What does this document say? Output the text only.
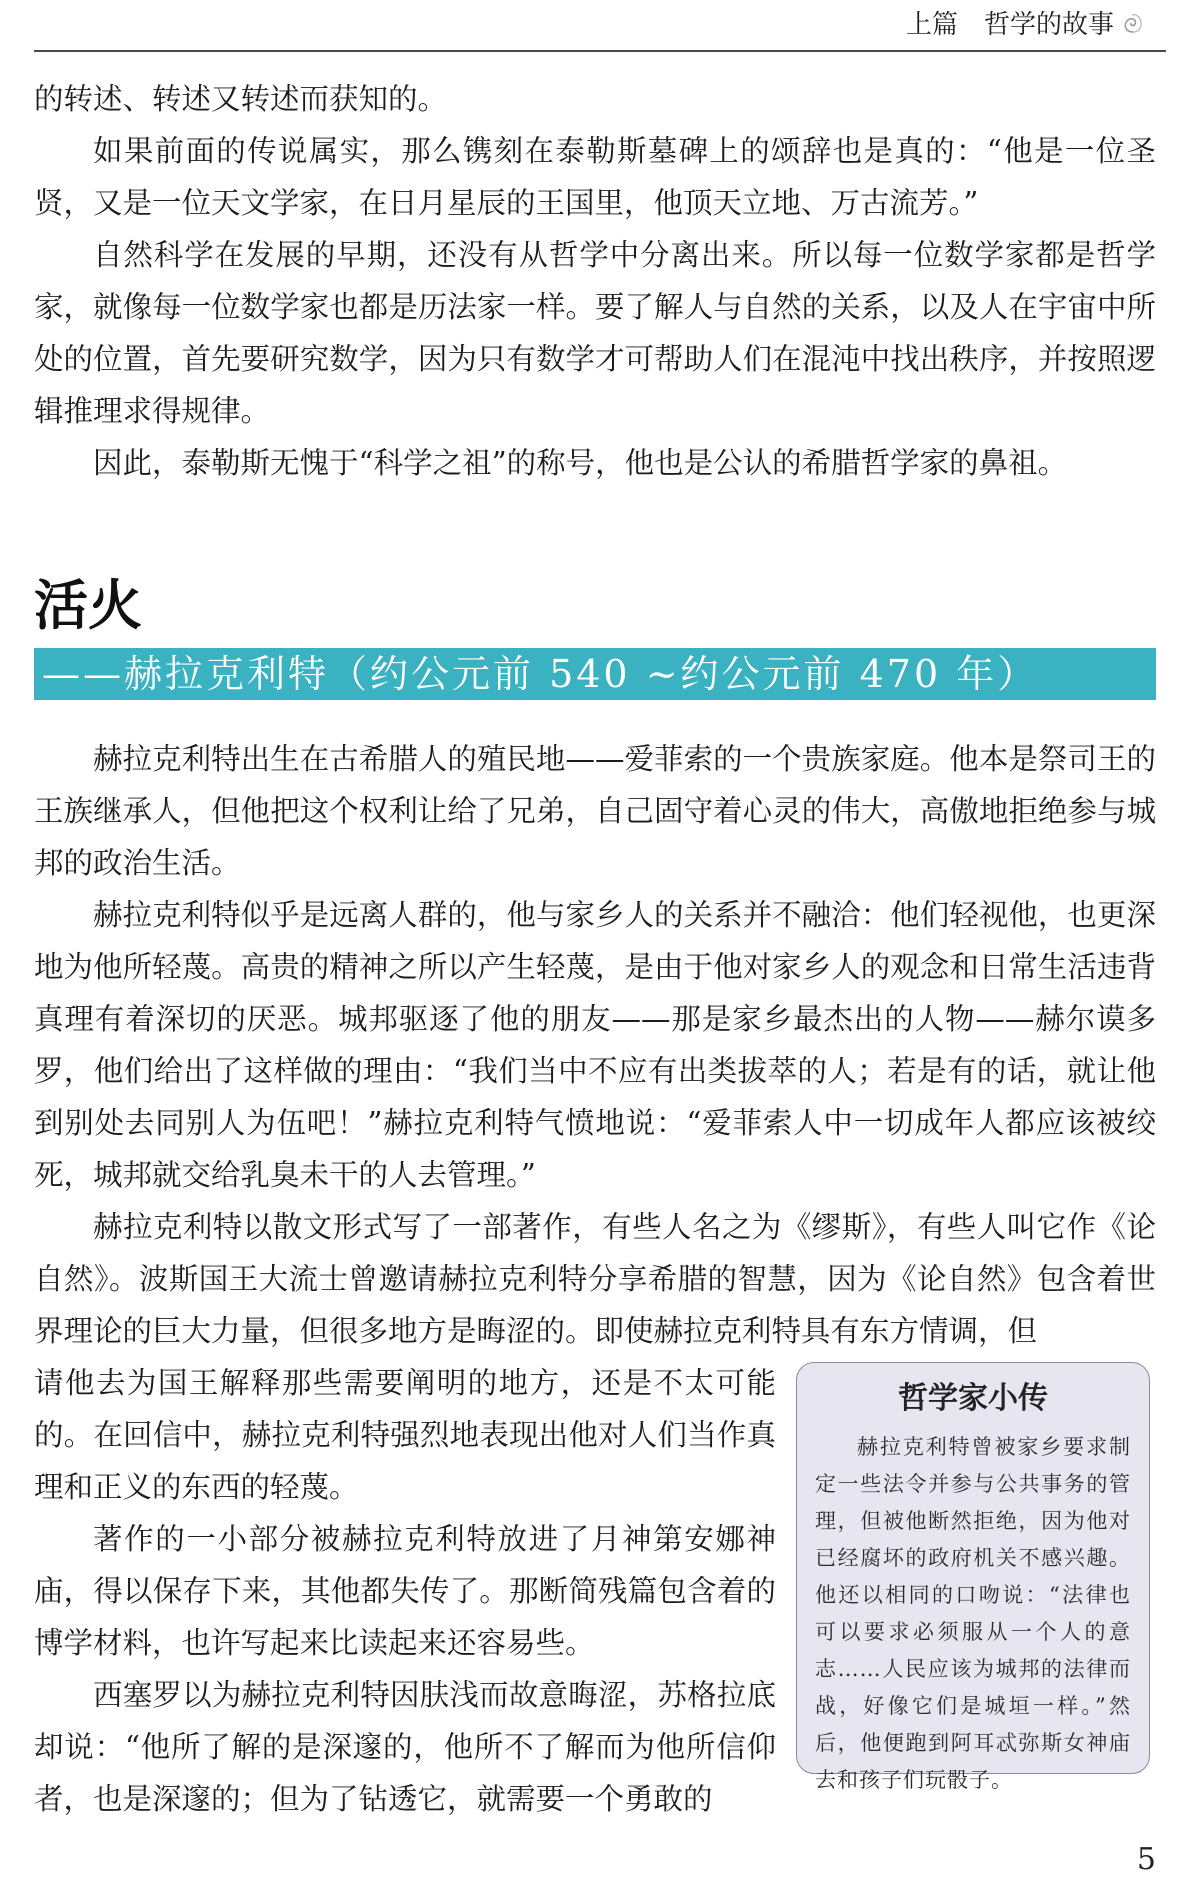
上篇 哲学的故事

的转述、转述又转述而获知的。

如果前面的传说属实，那么镌刻在泰勒斯墓碑上的颂辞也是真的：“他是一位圣贤，又是一位天文学家，在日月星辰的王国里，他顶天立地、万古流芳。”

自然科学在发展的早期，还没有从哲学中分离出来。所以每一位数学家都是哲学家，就像每一位数学家也都是历法家一样。要了解人与自然的关系，以及人在宇宙中所处的位置，首先要研究数学，因为只有数学才可帮助人们在混沌中找出秩序，并按照逻辑推理求得规律。

因此，泰勒斯无愧于“科学之祖”的称号，他也是公认的希腊哲学家的鼻祖。

活火
——赫拉克利特（约公元前 540 ~约公元前 470 年）

赫拉克利特出生在古希腊人的殖民地——爱菲索的一个贵族家庭。他本是祭司王的王族继承人，但他把这个权利让给了兄弟，自己固守着心灵的伟大，高傲地拒绝参与城邦的政治生活。

赫拉克利特似乎是远离人群的，他与家乡人的关系并不融洽：他们轻视他，也更深地为他所轻蔑。高贵的精神之所以产生轻蔑，是由于他对家乡人的观念和日常生活违背真理有着深切的厌恶。城邦驱逐了他的朋友——那是家乡最杰出的人物——赫尔谟多罗，他们给出了这样做的理由：“我们当中不应有出类拔萃的人；若是有的话，就让他到别处去同别人为伍吧！”赫拉克利特气愤地说：“爱菲索人中一切成年人都应该被绞死，城邦就交给乳臭未干的人去管理。”

赫拉克利特以散文形式写了一部著作，有些人名之为《缪斯》，有些人叫它作《论自然》。波斯国王大流士曾邀请赫拉克利特分享希腊的智慧，因为《论自然》包含着世界理论的巨大力量，但很多地方是晦涩的。即使赫拉克利特具有东方情调，但

请他去为国王解释那些需要阐明的地方，还是不太可能的。在回信中，赫拉克利特强烈地表现出他对人们当作真理和正义的东西的轻蔑。

著作的一小部分被赫拉克利特放进了月神第安娜神庙，得以保存下来，其他都失传了。那断简残篇包含着的博学材料，也许写起来比读起来还容易些。

西塞罗以为赫拉克利特因肤浅而故意晦涩，苏格拉底却说：“他所了解的是深邃的，他所不了解而为他所信仰者，也是深邃的；但为了钻透它，就需要一个勇敢的

哲学家小传

赫拉克利特曾被家乡要求制定一些法令并参与公共事务的管理，但被他断然拒绝，因为他对已经腐坏的政府机关不感兴趣。他还以相同的口吻说：“法律也可以要求必须服从一个人的意志……人民应该为城邦的法律而战，好像它们是城垣一样。”然后，他便跑到阿耳忒弥斯女神庙去和孩子们玩骰子。

5
